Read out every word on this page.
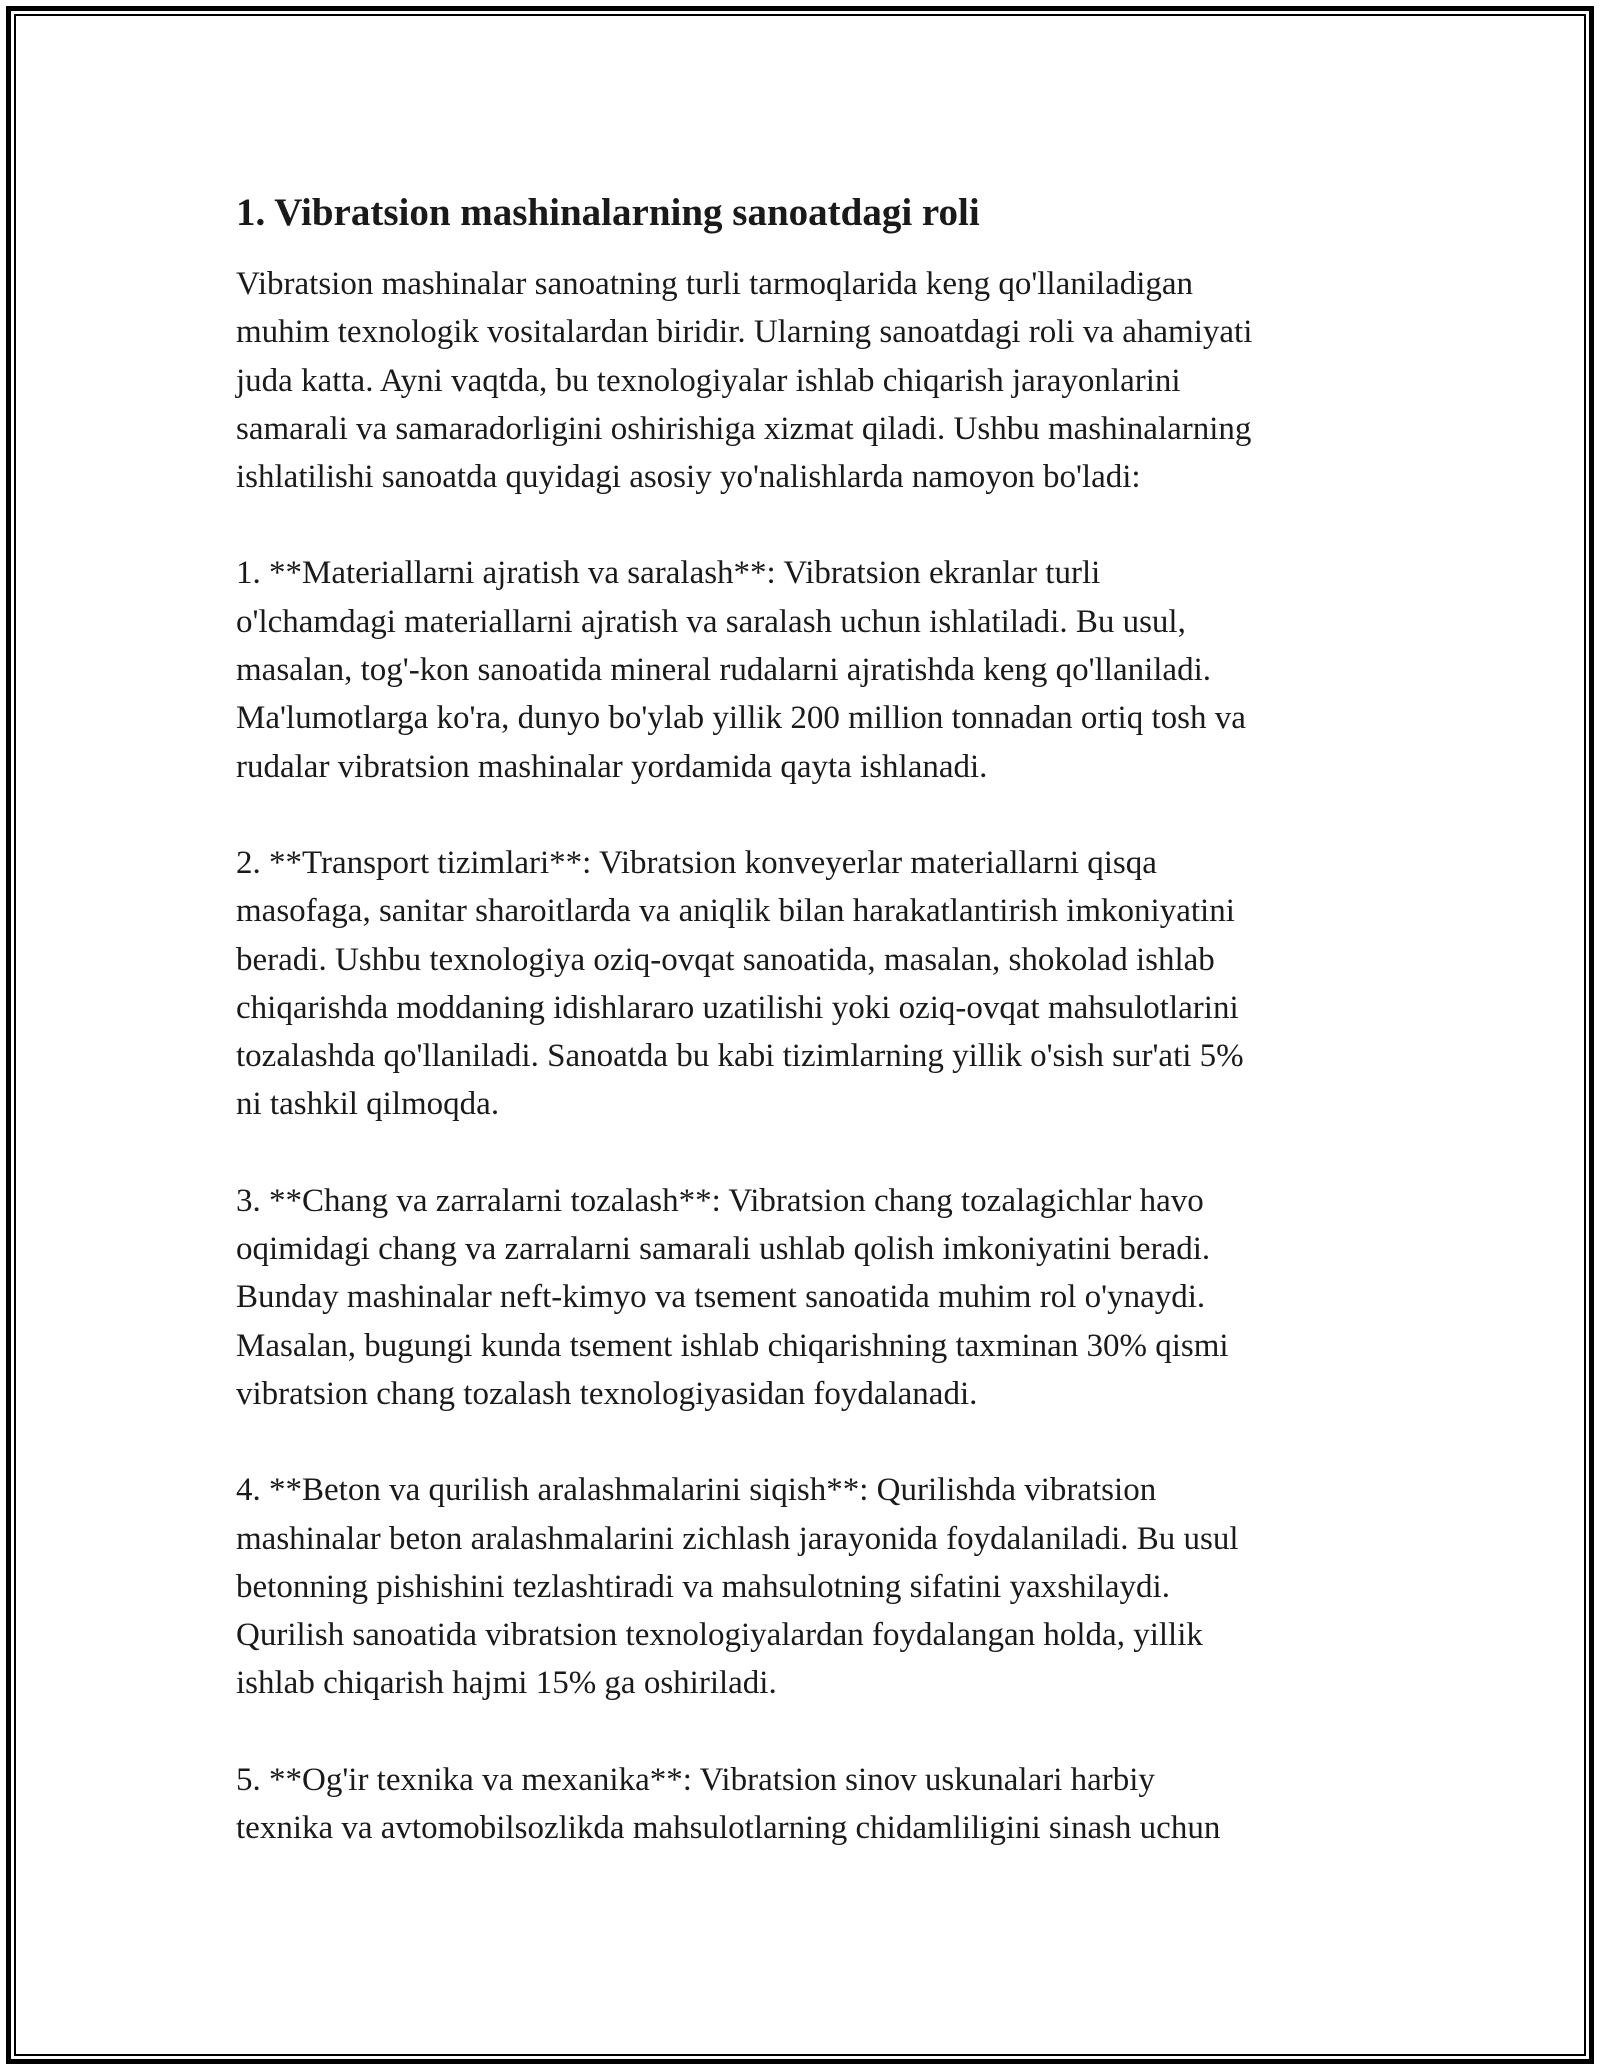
1. Vibratsion mashinalarning sanoatdagi roli

Vibratsion mashinalar sanoatning turli tarmoqlarida keng qo'llaniladigan
muhim texnologik vositalardan biridir. Ularning sanoatdagi roli va ahamiyati
juda katta. Ayni vaqtda, bu texnologiyalar ishlab chiqarish jarayonlarini
samarali va samaradorligini oshirishiga xizmat qiladi. Ushbu mashinalarning
ishlatilishi sanoatda quyidagi asosiy yo'nalishlarda namoyon bo'ladi:

1. **Materiallarni ajratish va saralash**: Vibratsion ekranlar turli
o'lchamdagi materiallarni ajratish va saralash uchun ishlatiladi. Bu usul,
masalan, tog'-kon sanoatida mineral rudalarni ajratishda keng qo'llaniladi.
Ma'lumotlarga ko'ra, dunyo bo'ylab yillik 200 million tonnadan ortiq tosh va
rudalar vibratsion mashinalar yordamida qayta ishlanadi.

2. **Transport tizimlari**: Vibratsion konveyerlar materiallarni qisqa
masofaga, sanitar sharoitlarda va aniqlik bilan harakatlantirish imkoniyatini
beradi. Ushbu texnologiya oziq-ovqat sanoatida, masalan, shokolad ishlab
chiqarishda moddaning idishlararo uzatilishi yoki oziq-ovqat mahsulotlarini
tozalashda qo'llaniladi. Sanoatda bu kabi tizimlarning yillik o'sish sur'ati 5%
ni tashkil qilmoqda.

3. **Chang va zarralarni tozalash**: Vibratsion chang tozalagichlar havo
oqimidagi chang va zarralarni samarali ushlab qolish imkoniyatini beradi.
Bunday mashinalar neft-kimyo va tsement sanoatida muhim rol o'ynaydi.
Masalan, bugungi kunda tsement ishlab chiqarishning taxminan 30% qismi
vibratsion chang tozalash texnologiyasidan foydalanadi.

4. **Beton va qurilish aralashmalarini siqish**: Qurilishda vibratsion
mashinalar beton aralashmalarini zichlash jarayonida foydalaniladi. Bu usul
betonning pishishini tezlashtiradi va mahsulotning sifatini yaxshilaydi.
Qurilish sanoatida vibratsion texnologiyalardan foydalangan holda, yillik
ishlab chiqarish hajmi 15% ga oshiriladi.

5. **Og'ir texnika va mexanika**: Vibratsion sinov uskunalari harbiy
texnika va avtomobilsozlikda mahsulotlarning chidamliligini sinash uchun
